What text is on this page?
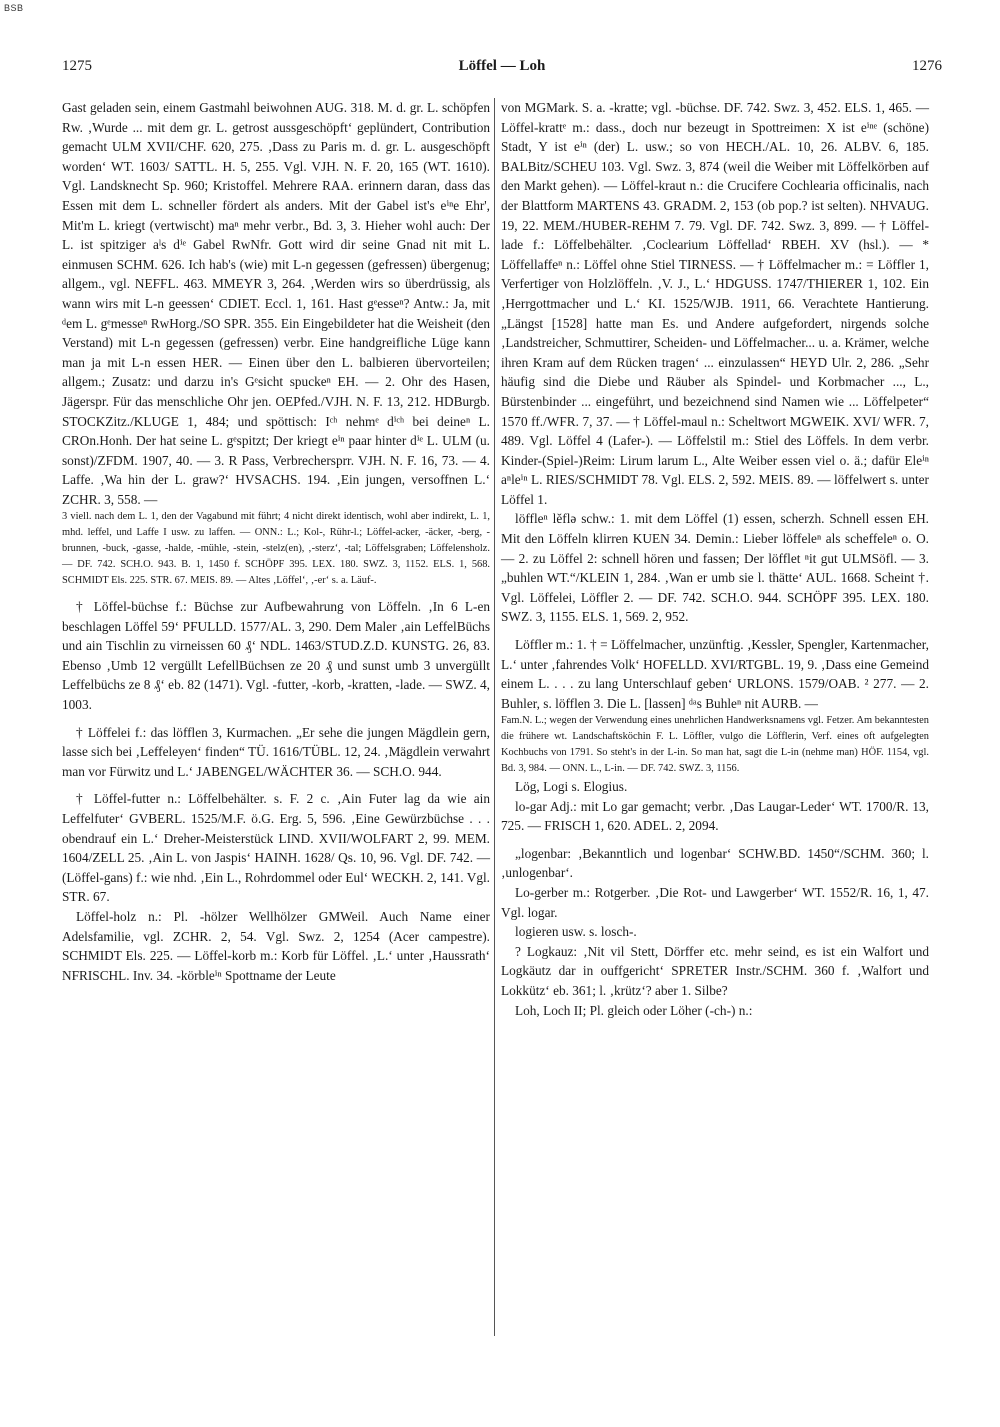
BSB
1275	Löffel — Loh	1276

Gast geladen sein, einem Gastmahl beiwohnen AUG. 318. M. d. gr. L. schöpfen Rw. ‚Wurde ... mit dem gr. L. getrost aussgeschöpft‘ geplündert, Contribution gemacht ULM XVII/CHF. 620, 275. ‚Dass zu Paris m. d. gr. L. ausgeschöpft worden‘ WT. 1603/ SATTL. H. 5, 255. Vgl. VJH. N. F. 20, 165 (WT. 1610). Vgl. Landsknecht Sp. 960; Kristoffel. Mehrere RAA. erinnern daran, dass das Essen mit dem L. schneller fördert als anders. Mit der Gabel ist's eⁱⁿe Ehr', Mit'm L. kriegt (vertwischt) maⁿ mehr verbr., Bd. 3, 3. Hieher wohl auch: Der L. ist spitziger aˡs dⁱᵉ Gabel RwNfr. Gott wird dir seine Gnad nit mit L. einmusen SCHM. 626. Ich hab's (wie) mit L-n gegessen (gefressen) übergenug; allgem., vgl. NEFFL. 463. MMEYR 3, 264. ‚Werden wirs so überdrüssig, als wann wirs mit L-n geessen‘ CDIET. Eccl. 1, 161. Hast gᵉesseⁿ? Antw.: Ja, mit ᵈem L. gᵉmesseⁿ RwHorg./SO SPR. 355. Ein Eingebildeter hat die Weisheit (den Verstand) mit L-n gegessen (gefressen) verbr. Eine handgreifliche Lüge kann man ja mit L-n essen HER. — Einen über den L. balbieren übervorteilen; allgem.; Zusatz: und darzu in's Gᵉsicht spuckeⁿ EH. — 2. Ohr des Hasen, Jägerspr. Für das menschliche Ohr jen. OEPfed./VJH. N. F. 13, 212. HDBurgb. STOCKZitz./KLUGE 1, 484; und spöttisch: Iᶜʰ nehmᵉ dⁱᶜʰ bei deineⁿ L. CROn.Honh. Der hat seine L. gᵉspitzt; Der kriegt eⁱⁿ paar hinter dⁱᵉ L. ULM (u. sonst)/ZFDM. 1907, 40. — 3. R Pass, Verbrechersprr. VJH. N. F. 16, 73. — 4. Laffe. ‚Wa hin der L. graw?‘ HVSACHS. 194. ‚Ein jungen, versoffnen L.‘ ZCHR. 3, 558. —

3 viell. nach dem L. 1, den der Vagabund mit führt; 4 nicht direkt identisch, wohl aber indirekt, L. 1, mhd. leffel, und Laffe I usw. zu laffen. — ONN.: L.; Kol-, Rühr-l.; Löffel-acker, -äcker, -berg, -brunnen, -buck, -gasse, -halde, -mühle, -stein, -stelz(en), ‚-sterz‘, -tal; Löffelsgraben; Löffelensholz. — DF. 742. SCH.O. 943. B. 1, 1450 f. SCHÖPF 395. LEX. 180. SWZ. 3, 1152. ELS. 1, 568. SCHMIDT Els. 225. STR. 67. MEIS. 89. — Altes ‚Löffel‘, ‚-er‘ s. a. Läuf-.

† Löffel-büchse f.: Büchse zur Aufbewahrung von Löffeln. ‚In 6 L-en beschlagen Löffel 59‘ PFULLD. 1577/AL. 3, 290. Dem Maler ‚ain LeffelBüchs und ain Tischlin zu virneissen 60 ₰‘ NDL. 1463/STUD.Z.D. KUNSTG. 26, 83. Ebenso ‚Umb 12 vergüllt LefellBüchsen ze 20 ₰ und sunst umb 3 unvergüllt Leffelbüchs ze 8 ₰‘ eb. 82 (1471). Vgl. -futter, -korb, -kratten, -lade. — SWZ. 4, 1003.

† Löffelei f.: das löfflen 3, Kurmachen. „Er sehe die jungen Mägdlein gern, lasse sich bei ‚Leffeleyen‘ finden“ TÜ. 1616/TÜBL. 12, 24. ‚Mägdlein verwahrt man vor Fürwitz und L.‘ JABENGEL/WÄCHTER 36. — SCH.O. 944.

† Löffel-futter n.: Löffelbehälter. s. F. 2 c. ‚Ain Futer lag da wie ain Leffelfuter‘ GVBERL. 1525/M.F. ö.G. Erg. 5, 596. ‚Eine Gewürzbüchse . . . obendrauf ein L.‘ Dreher-Meisterstück LIND. XVII/WOLFART 2, 99. MEM. 1604/ZELL 25. ‚Ain L. von Jaspis‘ HAINH. 1628/ Qs. 10, 96. Vgl. DF. 742. — (Löffel-gans) f.: wie nhd. ‚Ein L., Rohrdommel oder Eul‘ WECKH. 2, 141. Vgl. STR. 67.

Löffel-holz n.: Pl. -hölzer Wellhölzer GMWeil. Auch Name einer Adelsfamilie, vgl. ZCHR. 2, 54. Vgl. Swz. 2, 1254 (Acer campestre). SCHMIDT Els. 225. — Löffel-korb m.: Korb für Löffel. ‚L.‘ unter ‚Haussrath‘ NFRISCHL. Inv. 34. -körbleⁱⁿ Spottname der Leute

von MGMark. S. a. -kratte; vgl. -büchse. DF. 742. Swz. 3, 452. ELS. 1, 465. — Löffel-krattᵉ m.: dass., doch nur bezeugt in Spottreimen: X ist eⁱⁿᵉ (schöne) Stadt, Y ist eⁱⁿ (der) L. usw.; so von HECH./AL. 10, 26. ALBV. 6, 185. BALBitz/SCHEU 103. Vgl. Swz. 3, 874 (weil die Weiber mit Löffelkörben auf den Markt gehen). — Löffel-kraut n.: die Crucifere Cochlearia officinalis, nach der Blattform MARTENS 43. GRADM. 2, 153 (ob pop.? ist selten). NHVAUG. 19, 22. MEM./HUBER-REHM 7. 79. Vgl. DF. 742. Swz. 3, 899. — † Löffel-lade f.: Löffelbehälter. ‚Coclearium Löffellad‘ RBEH. XV (hsl.). — * Löffellaffeⁿ n.: Löffel ohne Stiel TIRNESS. — † Löffelmacher m.: = Löffler 1, Verfertiger von Holzlöffeln. ‚V. J., L.‘ HDGUSS. 1747/THIERER 1, 102. Ein ‚Herrgottmacher und L.‘ KI. 1525/WJB. 1911, 66. Verachtete Hantierung. „Längst [1528] hatte man Es. und Andere aufgefordert, nirgends solche ‚Landstreicher, Schmuttirer, Scheiden- und Löffelmacher... u. a. Krämer, welche ihren Kram auf dem Rücken tragen‘ ... einzulassen“ HEYD Ulr. 2, 286. „Sehr häufig sind die Diebe und Räuber als Spindel- und Korbmacher ..., L., Bürstenbinder ... eingeführt, und bezeichnend sind Namen wie ... Löffelpeter“ 1570 ff./WFR. 7, 37. — † Löffel-maul n.: Scheltwort MGWEIK. XVI/ WFR. 7, 489. Vgl. Löffel 4 (Lafer-). — Löffelstil m.: Stiel des Löffels. In dem verbr. Kinder-(Spiel-)Reim: Lirum larum L., Alte Weiber essen viel o. ä.; dafür Eleⁱⁿ aⁿleⁱⁿ L. RIES/SCHMIDT 78. Vgl. ELS. 2, 592. MEIS. 89. — löffelwert s. unter Löffel 1.

löffleⁿ lĕflə schw.: 1. mit dem Löffel (1) essen, scherzh. Schnell essen EH. Mit den Löffeln klirren KUEN 34. Demin.: Lieber löffeleⁿ als scheffeleⁿ o. O. — 2. zu Löffel 2: schnell hören und fassen; Der löfflet ⁿit gut ULMSöfl. — 3. „buhlen WT.“/KLEIN 1, 284. ‚Wan er umb sie l. thätte‘ AUL. 1668. Scheint †. Vgl. Löffelei, Löffler 2. — DF. 742. SCH.O. 944. SCHÖPF 395. LEX. 180. SWZ. 3, 1155. ELS. 1, 569. 2, 952.

Löffler m.: 1. † = Löffelmacher, unzünftig. ‚Kessler, Spengler, Kartenmacher, L.‘ unter ‚fahrendes Volk‘ HOFELLD. XVI/RTGBL. 19, 9. ‚Dass eine Gemeind einem L. . . . zu lang Unterschlauf geben‘ URLONS. 1579/OAB. ² 277. — 2. Buhler, s. löfflen 3. Die L. [lassen] ᵈᵃs Buhleⁿ nit AURB. —

Fam.N. L.; wegen der Verwendung eines unehrlichen Handwerksnamens vgl. Fetzer. Am bekanntesten die frühere wt. Landschaftsköchin F. L. Löffler, vulgo die Löfflerin, Verf. eines oft aufgelegten Kochbuchs von 1791. So steht's in der L-in. So man hat, sagt die L-in (nehme man) HÖF. 1154, vgl. Bd. 3, 984. — ONN. L., L-in. — DF. 742. SWZ. 3, 1156.

Lög, Logi s. Elogius.

lo-gar Adj.: mit Lo gar gemacht; verbr. ‚Das Laugar-Leder‘ WT. 1700/R. 13, 725. — FRISCH 1, 620. ADEL. 2, 2094.

„logenbar: ‚Bekanntlich und logenbar‘ SCHW.BD. 1450“/SCHM. 360; l. ‚unlogenbar‘.

Lo-gerber m.: Rotgerber. ‚Die Rot- und Lawgerber‘ WT. 1552/R. 16, 1, 47. Vgl. logar.

logieren usw. s. losch-.

? Logkauz: ‚Nit vil Stett, Dörffer etc. mehr seind, es ist ein Walfort und Logkäutz dar in ouffgericht‘ SPRETER Instr./SCHM. 360 f. ‚Walfort und Lokkütz‘ eb. 361; l. ‚krütz‘? aber 1. Silbe?

Loh, Loch II; Pl. gleich oder Löher (-ch-) n.:
